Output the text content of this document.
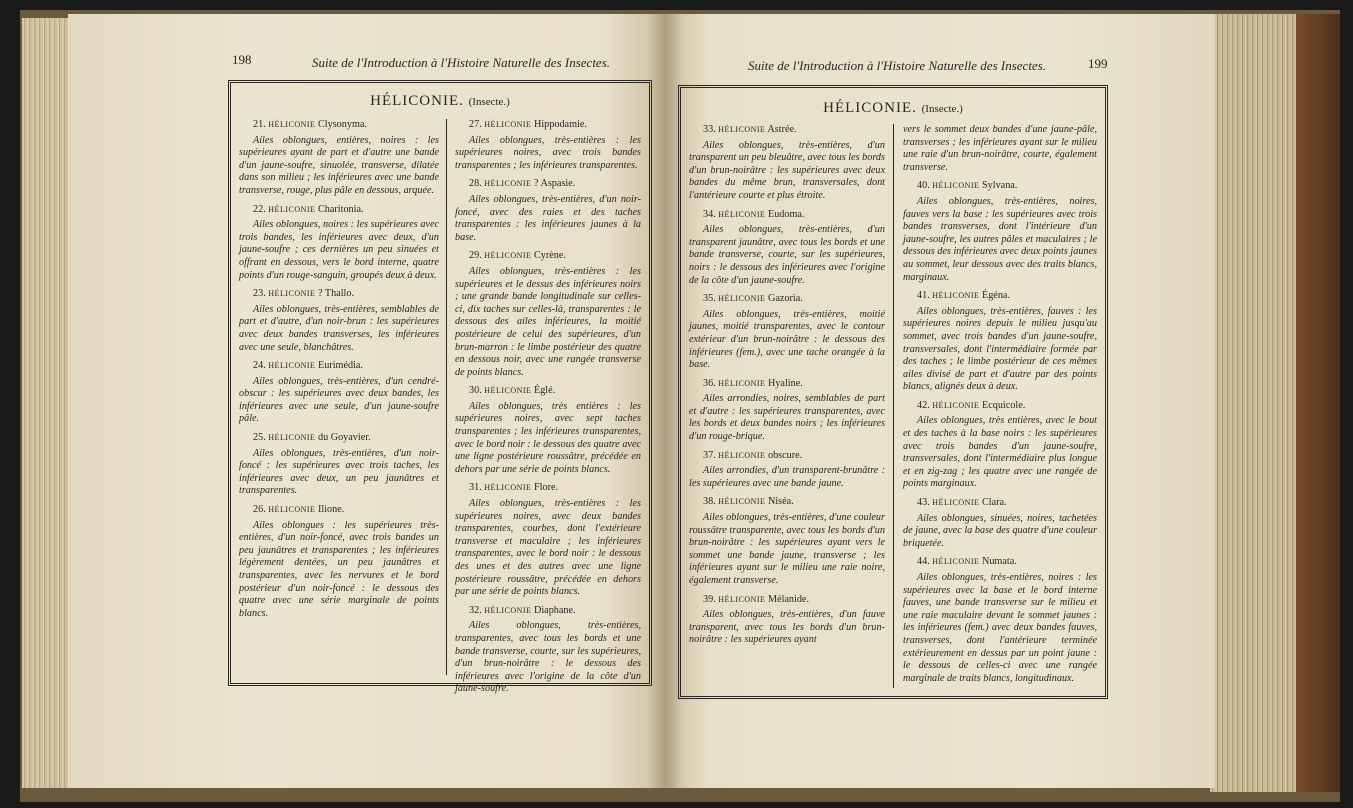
198	Suite de l'Introduction à l'Histoire Naturelle des Insectes.
HÉLICONIE. (Insecte.)
21. HÉLICONIE Clysonyma.
Ailes oblongues, entières, noires : les supérieures ayant de part et d'autre une bande d'un jaune-soufre, sinuolée, transverse, dilatée dans son milieu ; les inférieures avec une bande transverse, rouge, plus pâle en dessous, arquée.
22. HÉLICONIE Charitonia.
Ailes oblongues, noires : les supérieures avec trois bandes, les inférieures avec deux, d'un jaune-soufre ; ces dernières un peu sinuées et offrant en dessous, vers le bord interne, quatre points d'un rouge-sanguin, groupés deux à deux.
23. HÉLICONIE ? Thallo.
Ailes oblongues, très-entières, semblables de part et d'autre, d'un noir-brun : les supérieures avec deux bandes transverses, les inférieures avec une seule, blanchâtres.
24. HÉLICONIE Eurimédia.
Ailes oblongues, très-entières, d'un cendré-obscur : les supérieures avec deux bandes, les inférieures avec une seule, d'un jaune-soufre pâle.
25. HÉLICONIE du Goyavier.
Ailes oblongues, très-entières, d'un noir-foncé : les supérieures avec trois taches, les inférieures avec deux, un peu jaunâtres et transparentes.
26. HÉLICONIE Ilione.
Ailes oblongues : les supérieures très-entières, d'un noir-foncé, avec trois bandes un peu jaunâtres et transparentes ; les inférieures légèrement dentées, un peu jaunâtres et transparentes, avec les nervures et le bord postérieur d'un noir-foncé : le dessous des quatre avec une série marginale de points blancs.
27. HÉLICONIE Hippodamie.
Ailes oblongues, très-entières : les supérieures noires, avec trois bandes transparentes ; les inférieures transparentes.
28. HÉLICONIE ? Aspasie.
Ailes oblongues, très-entières, d'un noir-foncé, avec des raies et des taches transparentes : les inférieures jaunes à la base.
29. HÉLICONIE Cyrène.
Ailes oblongues, très-entières : les supérieures et le dessus des inférieures noirs ; une grande bande longitudinale sur celles-ci, dix taches sur celles-là, transparentes : le dessous des ailes inférieures, la moitié postérieure de celui des supérieures, d'un brun-marron : le limbe postérieur des quatre en dessous noir, avec une rangée transverse de points blancs.
30. HÉLICONIE Églé.
Ailes oblongues, très entières : les supérieures noires, avec sept taches transparentes ; les inférieures transparentes, avec le bord noir : le dessous des quatre avec une ligne postérieure roussâtre, précédée en dehors par une série de points blancs.
31. HÉLICONIE Flore.
Ailes oblongues, très-entières : les supérieures noires, avec deux bandes transparentes, courbes, dont l'extérieure transverse et maculaire ; les inférieures transparentes, avec le bord noir : le dessous des unes et des autres avec une ligne postérieure roussâtre, précédée en dehors par une série de points blancs.
32. HÉLICONIE Diaphane.
Ailes oblongues, très-entières, transparentes, avec tous les bords et une bande transverse, courte, sur les supérieures, d'un brun-noirâtre : le dessous des inférieures avec l'origine de la côte d'un jaune-soufre.
Suite de l'Introduction à l'Histoire Naturelle des Insectes.	199
HÉLICONIE. (Insecte.)
33. HÉLICONIE Astrée.
Ailes oblongues, très-entières, d'un transparent un peu bleuâtre, avec tous les bords d'un brun-noirâtre : les supérieures avec deux bandes du même brun, transversales, dont l'antérieure courte et plus étroite.
34. HÉLICONIE Eudoma.
Ailes oblongues, très-entières, d'un transparent jaunâtre, avec tous les bords et une bande transverse, courte, sur les supérieures, noirs : le dessous des inférieures avec l'origine de la côte d'un jaune-soufre.
35. HÉLICONIE Gazoria.
Ailes oblongues, très-entières, moitié jaunes, moitié transparentes, avec le contour extérieur d'un brun-noirâtre : le dessous des inférieures (fem.), avec une tache orangée à la base.
36. HÉLICONIE Hyaline.
Ailes arrondies, noires, semblables de part et d'autre : les supérieures transparentes, avec les bords et deux bandes noirs ; les inférieures d'un rouge-brique.
37. HÉLICONIE obscure.
Ailes arrondies, d'un transparent-brunâtre : les supérieures avec une bande jaune.
38. HÉLICONIE Niséa.
Ailes oblongues, très-entières, d'une couleur roussâtre transparente, avec tous les bords d'un brun-noirâtre : les supérieures ayant vers le sommet une bande jaune, transverse ; les inférieures ayant sur le milieu une raie noire, également transverse.
39. HÉLICONIE Mélanide.
Ailes oblongues, très-entières, d'un fauve transparent, avec tous les bords d'un brun-noirâtre : les supérieures ayant
vers le sommet deux bandes d'une jaune-pâle, transverses ; les inférieures ayant sur le milieu une raie d'un brun-noirâtre, courte, également transverse.
40. HÉLICONIE Sylvana.
Ailes oblongues, très-entières, noires, fauves vers la base : les supérieures avec trois bandes transverses, dont l'intérieure d'un jaune-soufre, les autres pâles et maculaires ; le dessous des inférieures avec deux points jaunes au sommet, leur dessous avec des traits blancs, marginaux.
41. HÉLICONIE Égéna.
Ailes oblongues, très-entières, fauves : les supérieures noires depuis le milieu jusqu'au sommet, avec trois bandes d'un jaune-soufre, transversales, dont l'intermédiaire formée par des taches ; le limbe postérieur de ces mêmes ailes divisé de part et d'autre par des points blancs, alignés deux à deux.
42. HÉLICONIE Ecquicole.
Ailes oblongues, très entières, avec le bout et des taches à la base noirs : les supérieures avec trois bandes d'un jaune-soufre, transversales, dont l'intermédiaire plus longue et en zig-zag ; les quatre avec une rangée de points marginaux.
43. HÉLICONIE Clara.
Ailes oblongues, sinuées, noires, tachetées de jaune, avec la base des quatre d'une couleur briquetée.
44. HÉLICONIE Numata.
Ailes oblongues, très-entières, noires : les supérieures avec la base et le bord interne fauves, une bande transverse sur le milieu et une raie maculaire devant le sommet jaunes : les inférieures (fem.) avec deux bandes fauves, transverses, dont l'antérieure terminée extérieurement en dessus par un point jaune : le dessous de celles-ci avec une rangée marginale de traits blancs, longitudinaux.
